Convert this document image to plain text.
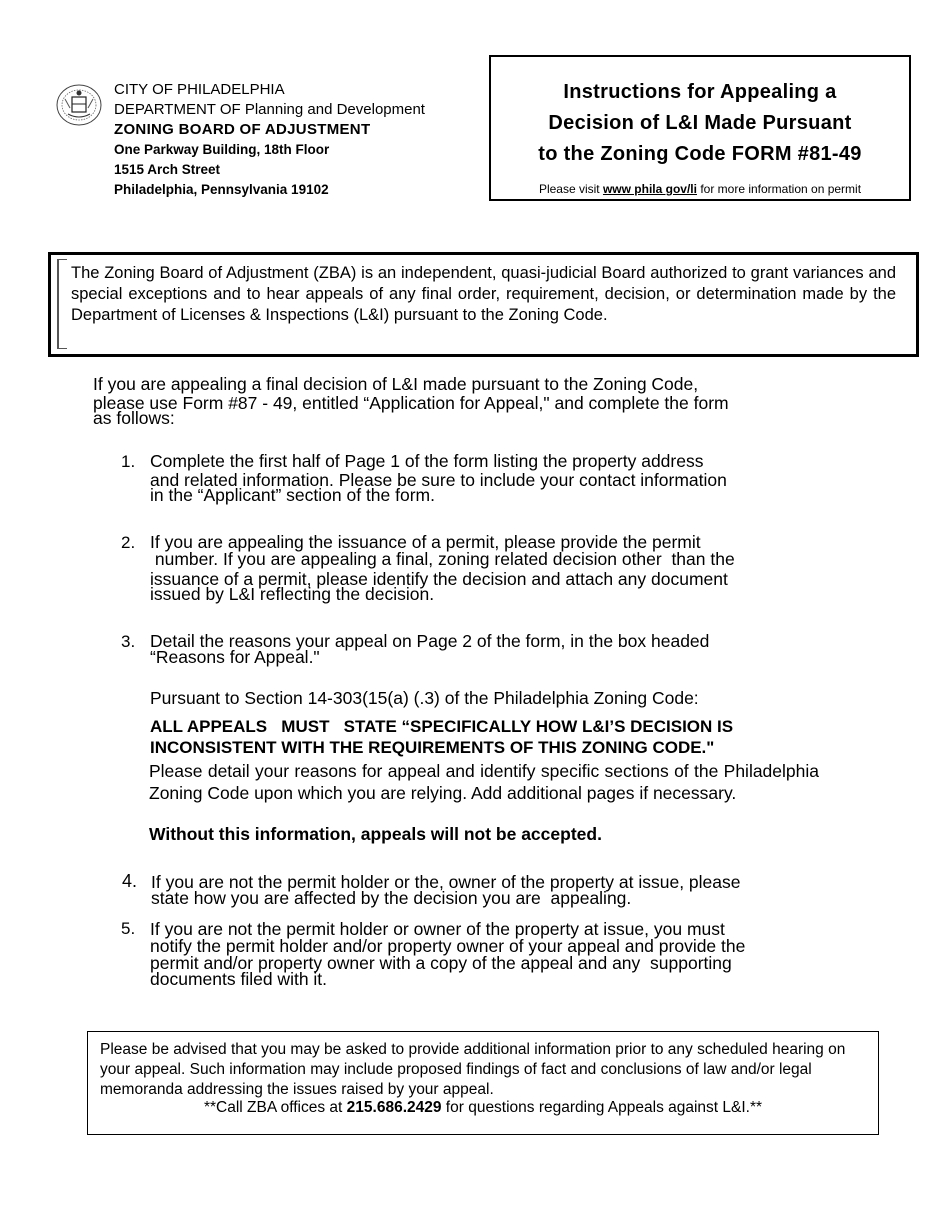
CITY OF PHILADELPHIA
DEPARTMENT OF Planning and Development
ZONING BOARD OF ADJUSTMENT
One Parkway Building, 18th Floor
1515 Arch Street
Philadelphia, Pennsylvania 19102
Instructions for Appealing a
Decision of L&I Made Pursuant
to the Zoning Code FORM #81-49
Please visit www phila gov/li for more information on permit
The Zoning Board of Adjustment (ZBA) is an independent, quasi-judicial Board authorized to grant variances and special exceptions and to hear appeals of any final order, requirement, decision, or determination made by the Department of Licenses & Inspections (L&I) pursuant to the Zoning Code.
If you are appealing a final decision of L&I made pursuant to the Zoning Code,
please use Form #87 - 49, entitled “Application for Appeal," and complete the form
as follows:
1. Complete the first half of Page 1 of the form listing the property address
and related information. Please be sure to include your contact information
in the “Applicant” section of the form.
2. If you are appealing the issuance of a permit, please provide the permit
number. If you are appealing a final, zoning related decision other  than the
issuance of a permit, please identify the decision and attach any document
issued by L&I reflecting the decision.
3. Detail the reasons your appeal on Page 2 of the form, in the box headed
“Reasons for Appeal."
Pursuant to Section 14-303(15(a) (.3) of the Philadelphia Zoning Code:
ALL APPEALS   MUST   STATE “SPECIFICALLY HOW L&I’S DECISION IS
INCONSISTENT WITH THE REQUIREMENTS OF THIS ZONING CODE."
Please detail your reasons for appeal and identify specific sections of the Philadelphia Zoning Code upon which you are relying. Add additional pages if necessary.
Without this information, appeals will not be accepted.
4. If you are not the permit holder or the, owner of the property at issue, please
state how you are affected by the decision you are  appealing.
5. If you are not the permit holder or owner of the property at issue, you must
notify the permit holder and/or property owner of your appeal and provide the
permit and/or property owner with a copy of the appeal and any  supporting
documents filed with it.
Please be advised that you may be asked to provide additional information prior to any scheduled hearing on your appeal. Such information may include proposed findings of fact and conclusions of law and/or legal memoranda addressing the issues raised by your appeal.
**Call ZBA offices at 215.686.2429 for questions regarding Appeals against L&I.**
